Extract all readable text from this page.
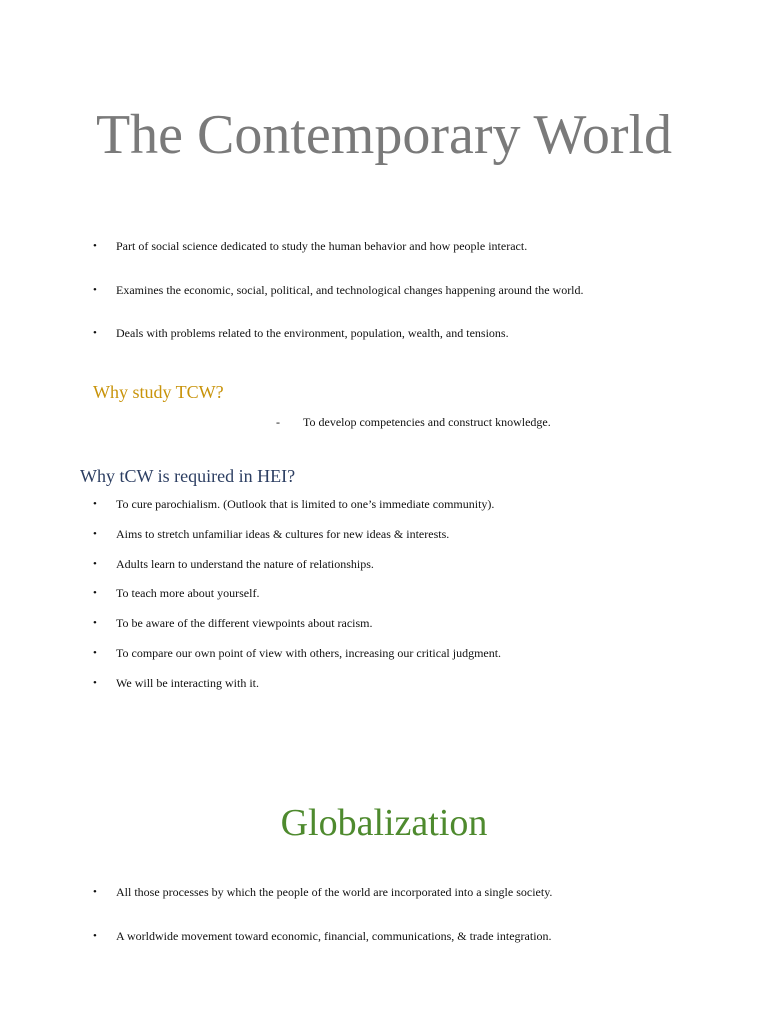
The Contemporary World
• Part of social science dedicated to study the human behavior and how people interact.
• Examines the economic, social, political, and technological changes happening around the world.
• Deals with problems related to the environment, population, wealth, and tensions.
Why study TCW?
- To develop competencies and construct knowledge.
Why tCW is required in HEI?
• To cure parochialism. (Outlook that is limited to one’s immediate community).
• Aims to stretch unfamiliar ideas & cultures for new ideas & interests.
• Adults learn to understand the nature of relationships.
• To teach more about yourself.
• To be aware of the different viewpoints about racism.
• To compare our own point of view with others, increasing our critical judgment.
• We will be interacting with it.
Globalization
• All those processes by which the people of the world are incorporated into a single society.
• A worldwide movement toward economic, financial, communications, & trade integration.
